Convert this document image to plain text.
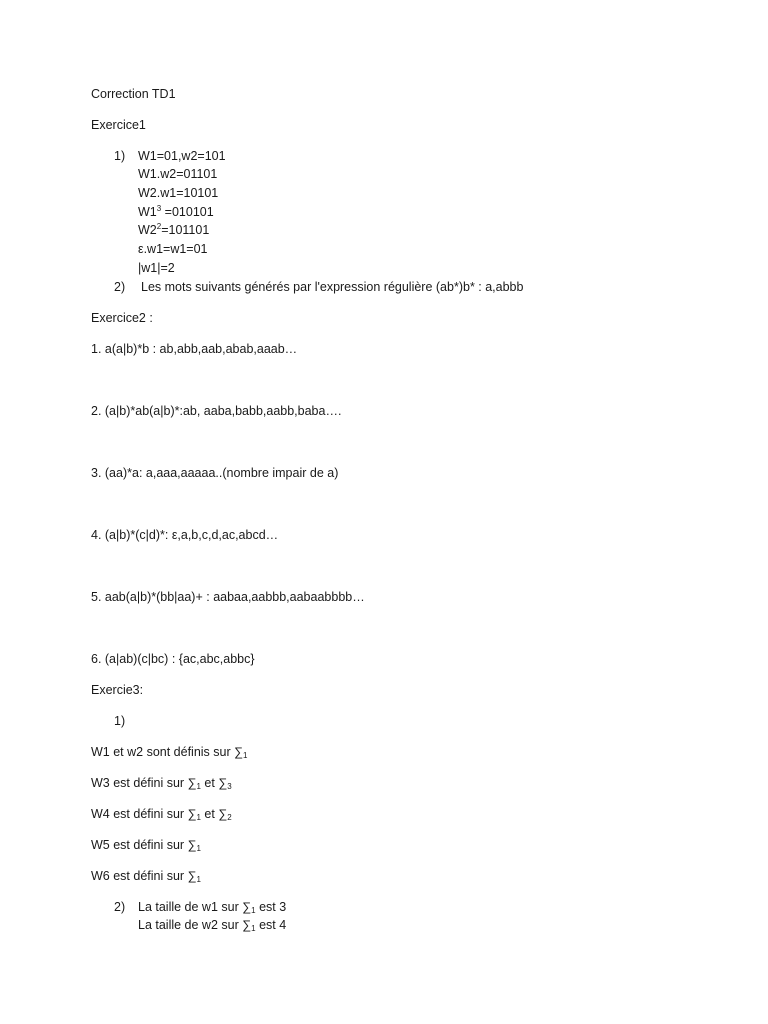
Correction TD1
Exercice1
1) W1=01,w2=101
W1.w2=01101
W2.w1=10101
$W1^3 =010101$
$W2^2=101101$
ε.w1=w1=01
|w1|=2
2) Les mots suivants générés par l'expression régulière (ab*)b* : a,abbb
Exercice2 :
1. a(a|b)*b : ab,abb,aab,abab,aaab…
2. (a|b)*ab(a|b)*:ab, aaba,babb,aabb,baba….
3. (aa)*a: a,aaa,aaaaa..(nombre impair de a)
4. (a|b)*(c|d)*: ε,a,b,c,d,ac,abcd…
5. aab(a|b)*(bb|aa)+ : aabaa,aabbb,aabaabbbb…
6. (a|ab)(c|bc) : {ac,abc,abbc}
Exercie3:
1)
W1 et w2 sont définis sur $\sum_1$
W3 est défini sur $\sum_1$ et $\sum_3$
W4 est défini sur $\sum_1$ et $\sum_2$
W5 est défini sur $\sum_1$
W6 est défini sur $\sum_1$
2) La taille de w1 sur $\sum_1$ est 3
La taille de w2 sur $\sum_1$ est 4
